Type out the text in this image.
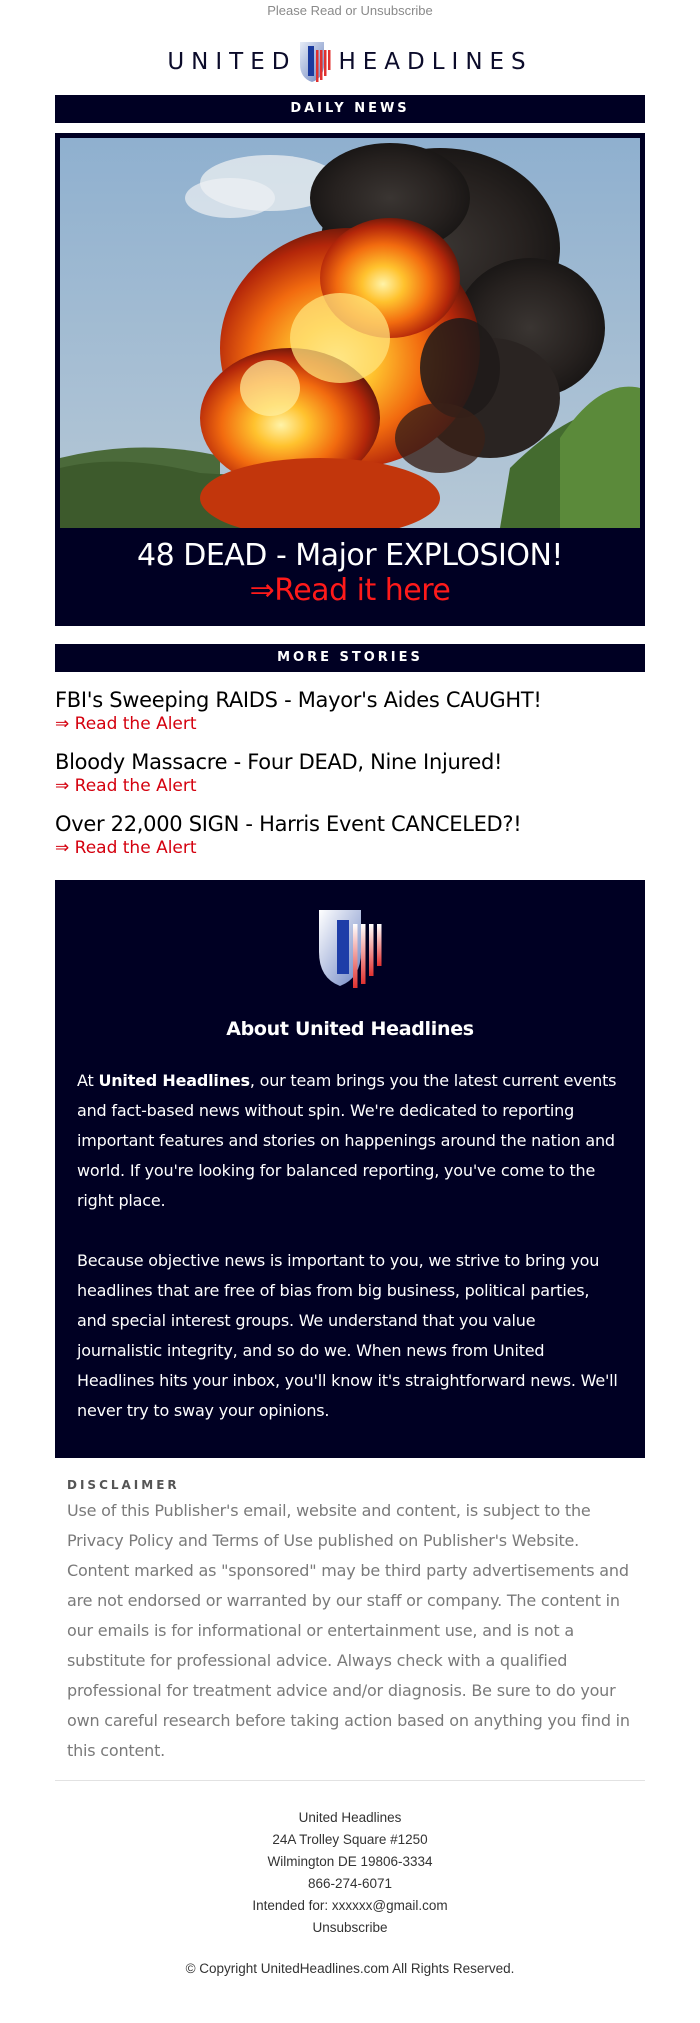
Please Read or Unsubscribe
UNITED HEADLINES
DAILY NEWS
48 DEAD - Major EXPLOSION!
⇒Read it here
MORE STORIES
FBI's Sweeping RAIDS - Mayor's Aides CAUGHT!
⇒ Read the Alert
Bloody Massacre - Four DEAD, Nine Injured!
⇒ Read the Alert
Over 22,000 SIGN - Harris Event CANCELED?!
⇒ Read the Alert
About United Headlines
At United Headlines, our team brings you the latest current events and fact-based news without spin. We're dedicated to reporting important features and stories on happenings around the nation and world. If you're looking for balanced reporting, you've come to the right place.
Because objective news is important to you, we strive to bring you headlines that are free of bias from big business, political parties, and special interest groups. We understand that you value journalistic integrity, and so do we. When news from United Headlines hits your inbox, you'll know it's straightforward news. We'll never try to sway your opinions.
DISCLAIMER
Use of this Publisher's email, website and content, is subject to the Privacy Policy and Terms of Use published on Publisher's Website. Content marked as "sponsored" may be third party advertisements and are not endorsed or warranted by our staff or company. The content in our emails is for informational or entertainment use, and is not a substitute for professional advice. Always check with a qualified professional for treatment advice and/or diagnosis. Be sure to do your own careful research before taking action based on anything you find in this content.
United Headlines
24A Trolley Square #1250
Wilmington DE 19806-3334
866-274-6071
Intended for: xxxxxx@gmail.com
Unsubscribe
© Copyright UnitedHeadlines.com All Rights Reserved.
